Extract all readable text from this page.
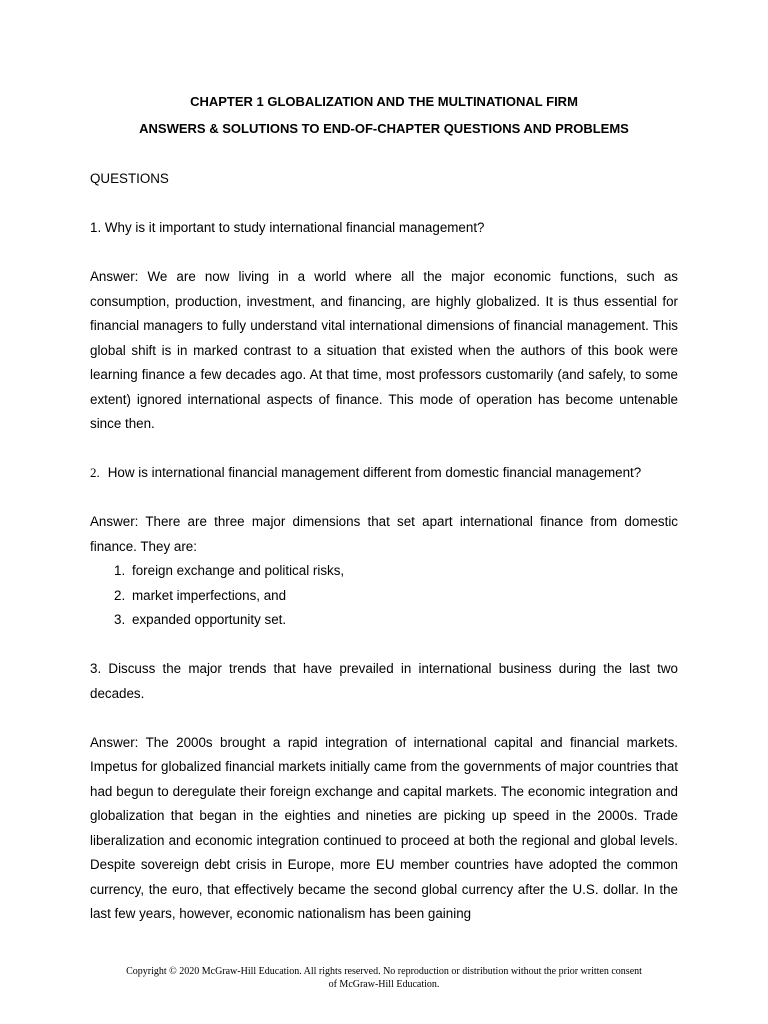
CHAPTER 1 GLOBALIZATION AND THE MULTINATIONAL FIRM
ANSWERS & SOLUTIONS TO END-OF-CHAPTER QUESTIONS AND PROBLEMS
QUESTIONS

1. Why is it important to study international financial management?

Answer: We are now living in a world where all the major economic functions, such as consumption, production, investment, and financing, are highly globalized. It is thus essential for financial managers to fully understand vital international dimensions of financial management. This global shift is in marked contrast to a situation that existed when the authors of this book were learning finance a few decades ago. At that time, most professors customarily (and safely, to some extent) ignored international aspects of finance. This mode of operation has become untenable since then.

2. How is international financial management different from domestic financial management?

Answer: There are three major dimensions that set apart international finance from domestic finance. They are:

1. foreign exchange and political risks,
2. market imperfections, and
3. expanded opportunity set.

3. Discuss the major trends that have prevailed in international business during the last two decades.

Answer: The 2000s brought a rapid integration of international capital and financial markets. Impetus for globalized financial markets initially came from the governments of major countries that had begun to deregulate their foreign exchange and capital markets. The economic integration and globalization that began in the eighties and nineties are picking up speed in the 2000s. Trade liberalization and economic integration continued to proceed at both the regional and global levels. Despite sovereign debt crisis in Europe, more EU member countries have adopted the common currency, the euro, that effectively became the second global currency after the U.S. dollar. In the last few years, however, economic nationalism has been gaining

Copyright © 2020 McGraw-Hill Education. All rights reserved. No reproduction or distribution without the prior written consent
of McGraw-Hill Education.
